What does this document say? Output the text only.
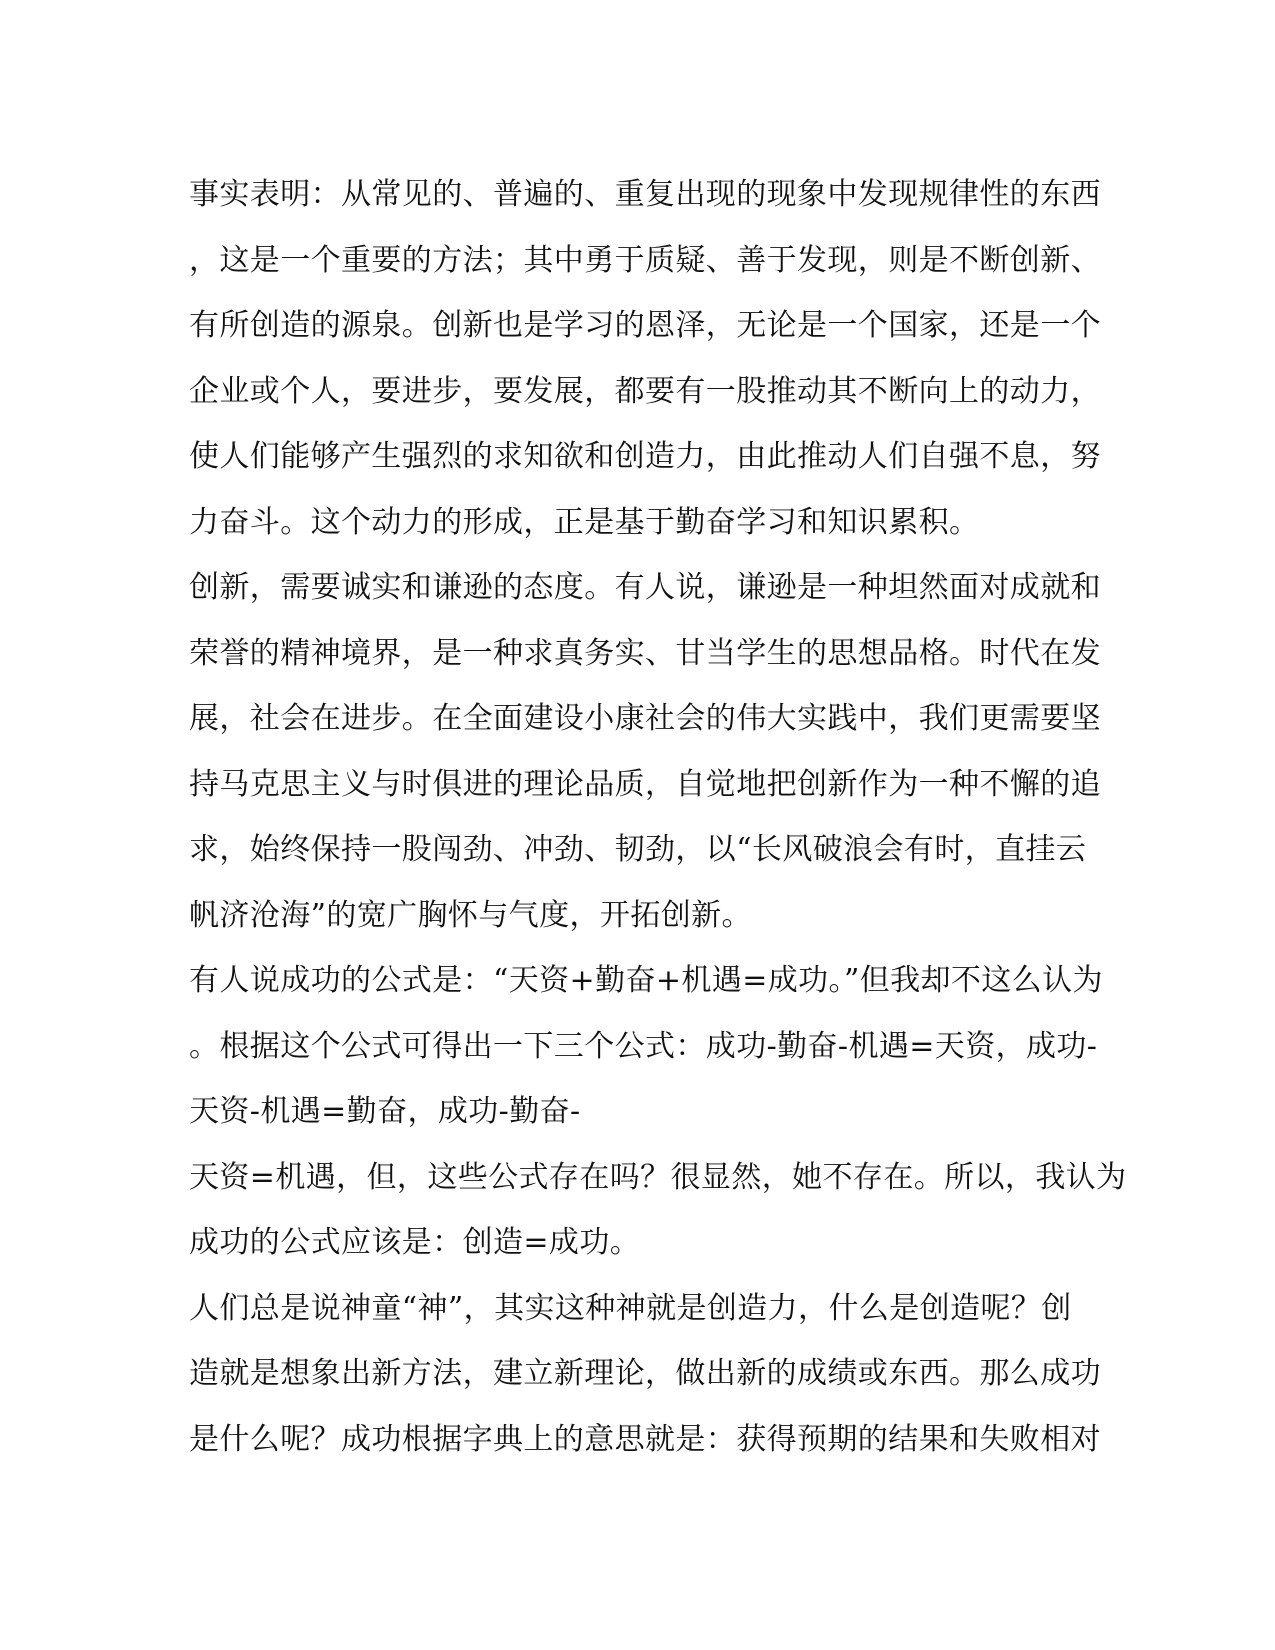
事实表明：从常见的、普遍的、重复出现的现象中发现规律性的东西
，这是一个重要的方法；其中勇于质疑、善于发现，则是不断创新、
有所创造的源泉。创新也是学习的恩泽，无论是一个国家，还是一个
企业或个人，要进步，要发展，都要有一股推动其不断向上的动力，
使人们能够产生强烈的求知欲和创造力，由此推动人们自强不息，努
力奋斗。这个动力的形成，正是基于勤奋学习和知识累积。
创新，需要诚实和谦逊的态度。有人说，谦逊是一种坦然面对成就和
荣誉的精神境界，是一种求真务实、甘当学生的思想品格。时代在发
展，社会在进步。在全面建设小康社会的伟大实践中，我们更需要坚
持马克思主义与时俱进的理论品质，自觉地把创新作为一种不懈的追
求，始终保持一股闯劲、冲劲、韧劲，以“长风破浪会有时，直挂云
帆济沧海”的宽广胸怀与气度，开拓创新。
有人说成功的公式是：“天资+勤奋+机遇=成功。”但我却不这么认为
。根据这个公式可得出一下三个公式：成功-勤奋-机遇=天资，成功-
天资-机遇=勤奋，成功-勤奋-
天资=机遇，但，这些公式存在吗？很显然，她不存在。所以，我认为
成功的公式应该是：创造=成功。
人们总是说神童“神”，其实这种神就是创造力，什么是创造呢？创
造就是想象出新方法，建立新理论，做出新的成绩或东西。那么成功
是什么呢？成功根据字典上的意思就是：获得预期的结果和失败相对
